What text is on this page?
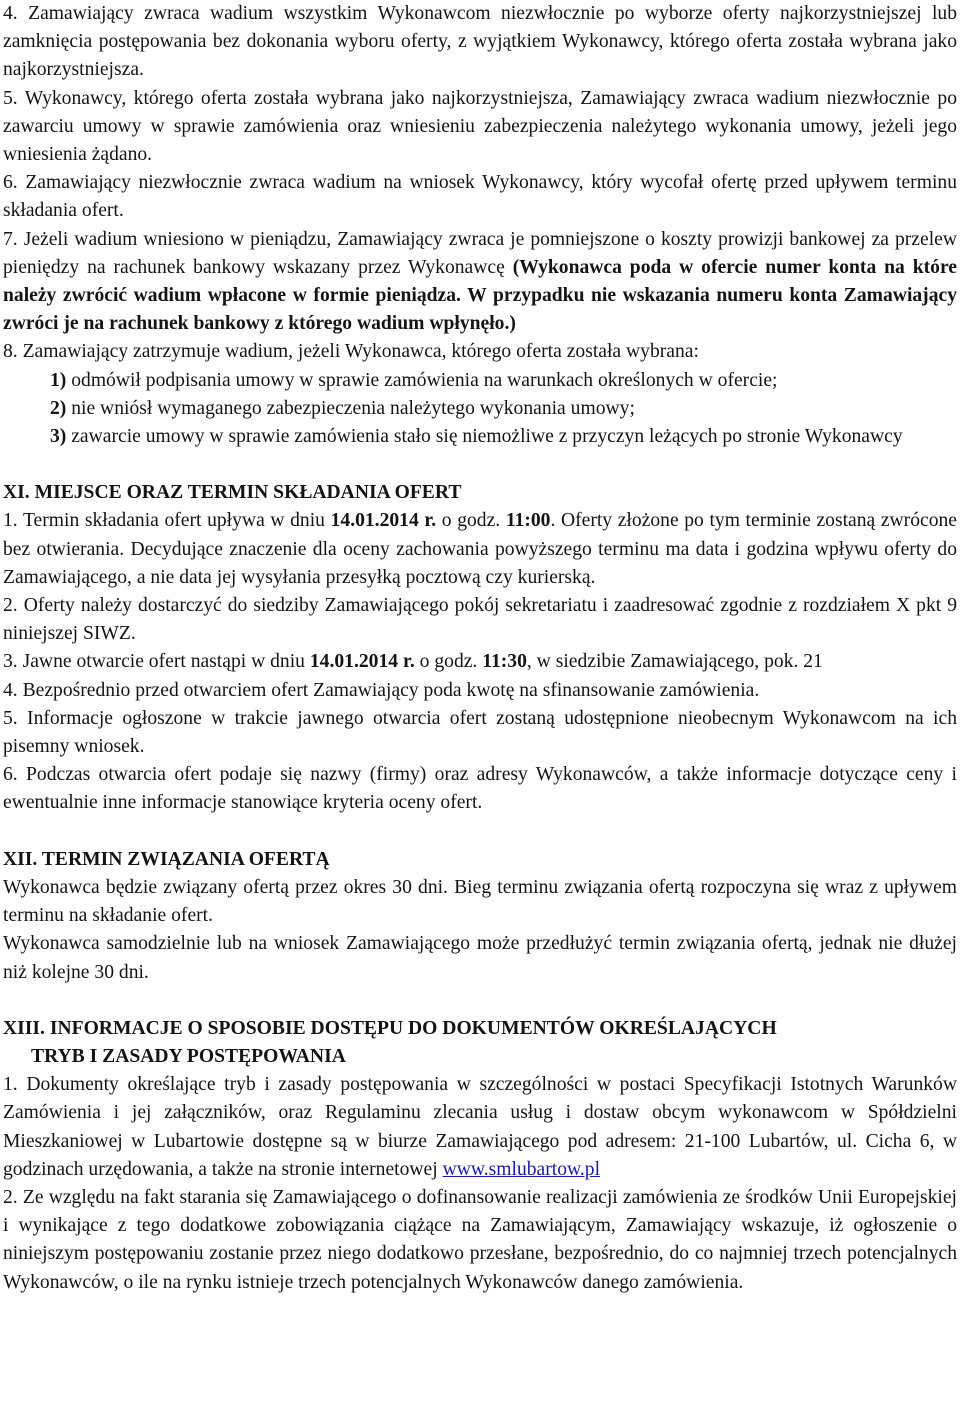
4. Zamawiający zwraca wadium wszystkim Wykonawcom niezwłocznie po wyborze oferty najkorzystniejszej lub zamknięcia postępowania bez dokonania wyboru oferty, z wyjątkiem Wykonawcy, którego oferta została wybrana jako najkorzystniejsza.

5. Wykonawcy, którego oferta została wybrana jako najkorzystniejsza, Zamawiający zwraca wadium niezwłocznie po zawarciu umowy w sprawie zamówienia oraz wniesieniu zabezpieczenia należytego wykonania umowy, jeżeli jego wniesienia żądano.

6. Zamawiający niezwłocznie zwraca wadium na wniosek Wykonawcy, który wycofał ofertę przed upływem terminu składania ofert.

7. Jeżeli wadium wniesiono w pieniądzu, Zamawiający zwraca je pomniejszone o koszty prowizji bankowej za przelew pieniędzy na rachunek bankowy wskazany przez Wykonawcę (Wykonawca poda w ofercie numer konta na które należy zwrócić wadium wpłacone w formie pieniądza. W przypadku nie wskazania numeru konta Zamawiający zwróci je na rachunek bankowy z którego wadium wpłynęło.)

8. Zamawiający zatrzymuje wadium, jeżeli Wykonawca, którego oferta została wybrana:

1) odmówił podpisania umowy w sprawie zamówienia na warunkach określonych w ofercie;

2) nie wniósł wymaganego zabezpieczenia należytego wykonania umowy;

3) zawarcie umowy w sprawie zamówienia stało się niemożliwe z przyczyn leżących po stronie Wykonawcy

XI. MIEJSCE ORAZ TERMIN SKŁADANIA OFERT

1. Termin składania ofert upływa w dniu 14.01.2014 r. o godz. 11:00. Oferty złożone po tym terminie zostaną zwrócone bez otwierania. Decydujące znaczenie dla oceny zachowania powyższego terminu ma data i godzina wpływu oferty do Zamawiającego, a nie data jej wysyłania przesyłką pocztową czy kurierską.

2. Oferty należy dostarczyć do siedziby Zamawiającego pokój sekretariatu i zaadresować zgodnie z rozdziałem X pkt 9 niniejszej SIWZ.

3. Jawne otwarcie ofert nastąpi w dniu 14.01.2014 r. o godz. 11:30, w siedzibie Zamawiającego, pok. 21

4. Bezpośrednio przed otwarciem ofert Zamawiający poda kwotę na sfinansowanie zamówienia.

5. Informacje ogłoszone w trakcie jawnego otwarcia ofert zostaną udostępnione nieobecnym Wykonawcom na ich pisemny wniosek.

6. Podczas otwarcia ofert podaje się nazwy (firmy) oraz adresy Wykonawców, a także informacje dotyczące ceny i ewentualnie inne informacje stanowiące kryteria oceny ofert.

XII. TERMIN ZWIĄZANIA OFERTĄ

Wykonawca będzie związany ofertą przez okres 30 dni. Bieg terminu związania ofertą rozpoczyna się wraz z upływem terminu na składanie ofert.

Wykonawca samodzielnie lub na wniosek Zamawiającego może przedłużyć termin związania ofertą, jednak nie dłużej niż kolejne 30 dni.

XIII. INFORMACJE O SPOSOBIE DOSTĘPU DO DOKUMENTÓW OKREŚLAJĄCYCH

TRYB I ZASADY POSTĘPOWANIA

1. Dokumenty określające tryb i zasady postępowania w szczególności w postaci Specyfikacji Istotnych Warunków Zamówienia i jej załączników, oraz Regulaminu zlecania usług i dostaw obcym wykonawcom w Spółdzielni Mieszkaniowej w Lubartowie dostępne są w biurze Zamawiającego pod adresem: 21-100 Lubartów, ul. Cicha 6, w godzinach urzędowania, a także na stronie internetowej www.smlubartow.pl

2. Ze względu na fakt starania się Zamawiającego o dofinansowanie realizacji zamówienia ze środków Unii Europejskiej i wynikające z tego dodatkowe zobowiązania ciążące na Zamawiającym, Zamawiający wskazuje, iż ogłoszenie o niniejszym postępowaniu zostanie przez niego dodatkowo przesłane, bezpośrednio, do co najmniej trzech potencjalnych Wykonawców, o ile na rynku istnieje trzech potencjalnych Wykonawców danego zamówienia.
